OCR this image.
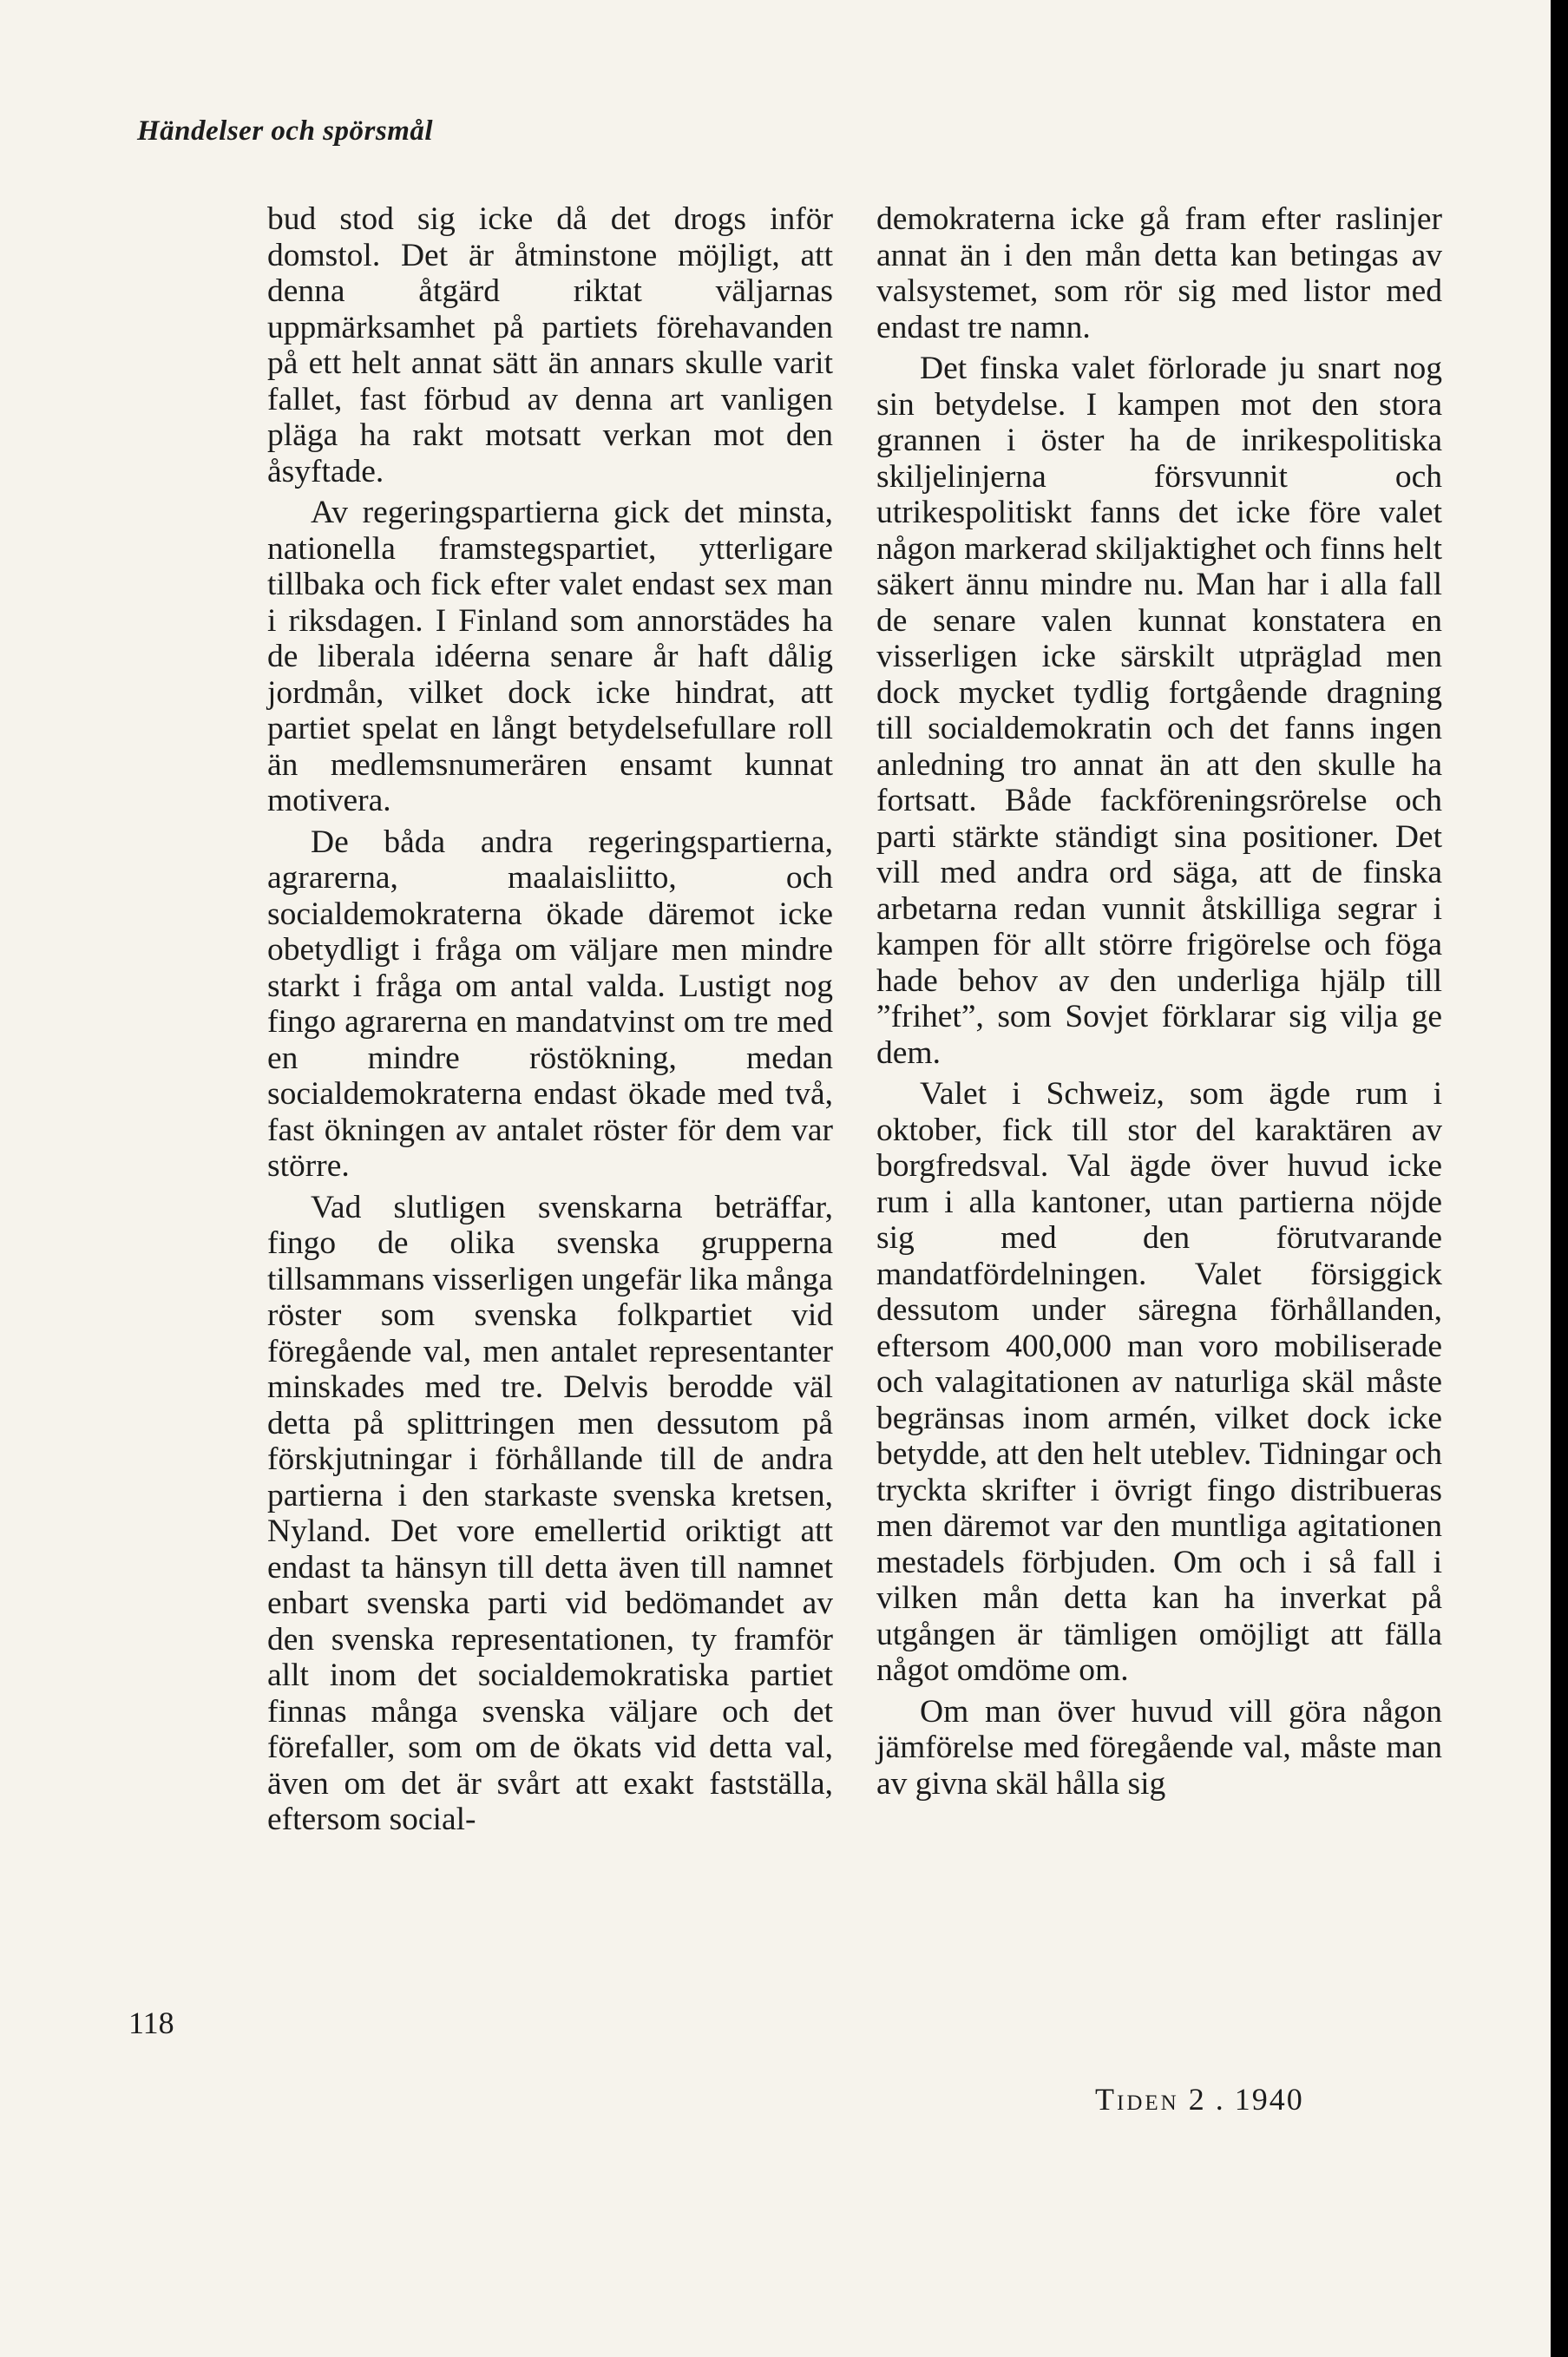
Händelser och spörsmål

bud stod sig icke då det drogs inför domstol. Det är åtminstone möjligt, att denna åtgärd riktat väljarnas uppmärksamhet på partiets förehavanden på ett helt annat sätt än annars skulle varit fallet, fast förbud av denna art vanligen pläga ha rakt motsatt verkan mot den åsyftade.

Av regeringspartierna gick det minsta, nationella framstegspartiet, ytterligare tillbaka och fick efter valet endast sex man i riksdagen. I Finland som annorstädes ha de liberala idéerna senare år haft dålig jordmån, vilket dock icke hindrat, att partiet spelat en långt betydelsefullare roll än medlemsnumerären ensamt kunnat motivera.

De båda andra regeringspartierna, agrarerna, maalaisliitto, och socialdemokraterna ökade däremot icke obetydligt i fråga om väljare men mindre starkt i fråga om antal valda. Lustigt nog fingo agrarerna en mandatvinst om tre med en mindre röstökning, medan socialdemokraterna endast ökade med två, fast ökningen av antalet röster för dem var större.

Vad slutligen svenskarna beträffar, fingo de olika svenska grupperna tillsammans visserligen ungefär lika många röster som svenska folkpartiet vid föregående val, men antalet representanter minskades med tre. Delvis berodde väl detta på splittringen men dessutom på förskjutningar i förhållande till de andra partierna i den starkaste svenska kretsen, Nyland. Det vore emellertid oriktigt att endast ta hänsyn till detta även till namnet enbart svenska parti vid bedömandet av den svenska representationen, ty framför allt inom det socialdemokratiska partiet finnas många svenska väljare och det förefaller, som om de ökats vid detta val, även om det är svårt att exakt fastställa, eftersom social-

demokraterna icke gå fram efter raslinjer annat än i den mån detta kan betingas av valsystemet, som rör sig med listor med endast tre namn.

Det finska valet förlorade ju snart nog sin betydelse. I kampen mot den stora grannen i öster ha de inrikespolitiska skiljelinjerna försvunnit och utrikespolitiskt fanns det icke före valet någon markerad skiljaktighet och finns helt säkert ännu mindre nu. Man har i alla fall de senare valen kunnat konstatera en visserligen icke särskilt utpräglad men dock mycket tydlig fortgående dragning till socialdemokratin och det fanns ingen anledning tro annat än att den skulle ha fortsatt. Både fackföreningsrörelse och parti stärkte ständigt sina positioner. Det vill med andra ord säga, att de finska arbetarna redan vunnit åtskilliga segrar i kampen för allt större frigörelse och föga hade behov av den underliga hjälp till ”frihet”, som Sovjet förklarar sig vilja ge dem.

Valet i Schweiz, som ägde rum i oktober, fick till stor del karaktären av borgfredsval. Val ägde över huvud icke rum i alla kantoner, utan partierna nöjde sig med den förutvarande mandatfördelningen. Valet försiggick dessutom under säregna förhållanden, eftersom 400,000 man voro mobiliserade och valagitationen av naturliga skäl måste begränsas inom armén, vilket dock icke betydde, att den helt uteblev. Tidningar och tryckta skrifter i övrigt fingo distribueras men däremot var den muntliga agitationen mestadels förbjuden. Om och i så fall i vilken mån detta kan ha inverkat på utgången är tämligen omöjligt att fälla något omdöme om.

Om man över huvud vill göra någon jämförelse med föregående val, måste man av givna skäl hålla sig

118
Tiden 2 . 1940
